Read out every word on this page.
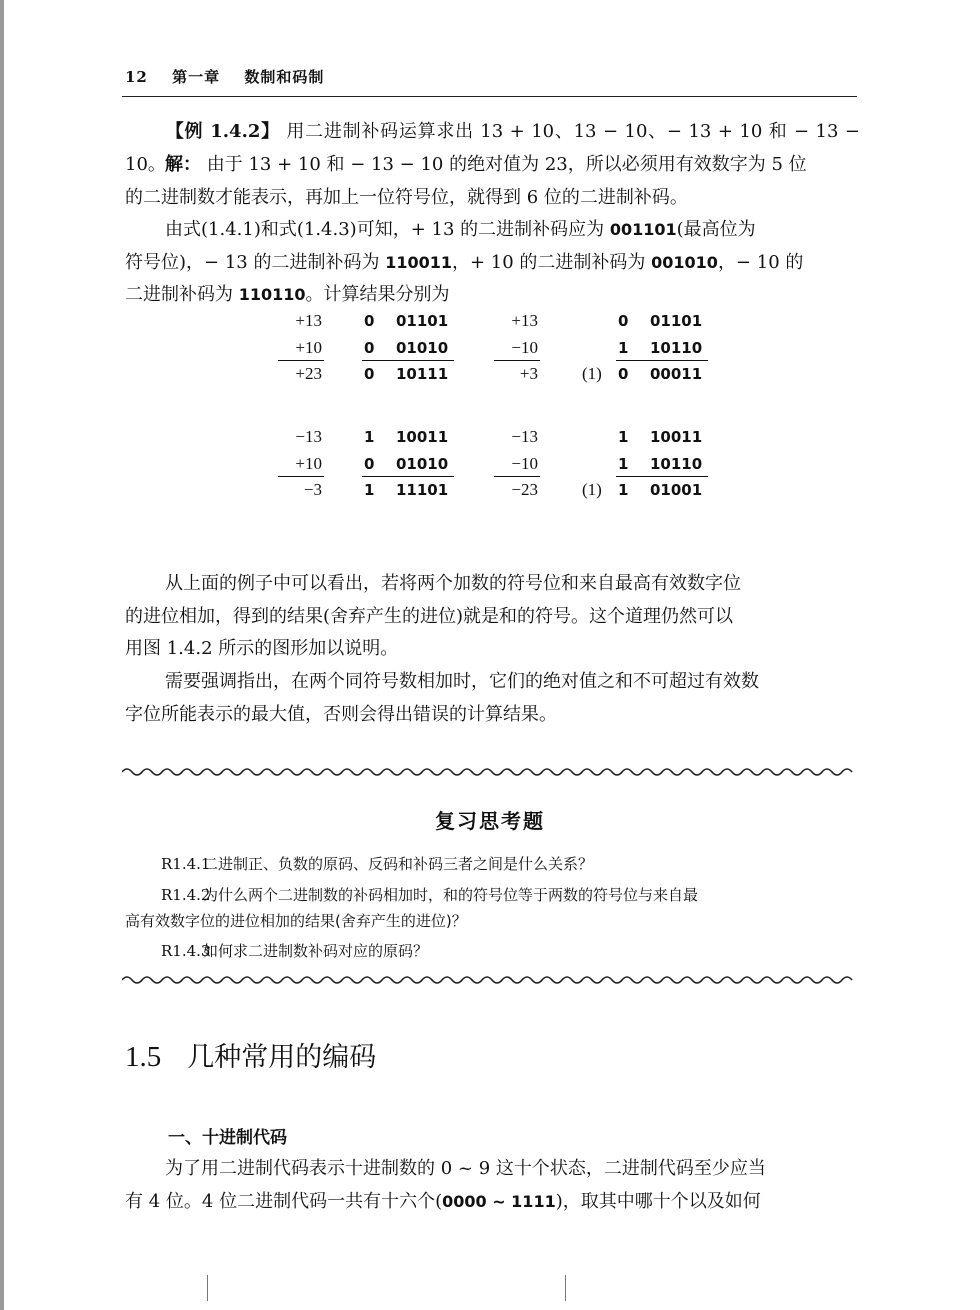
12 第一章 数制和码制
【例 1.4.2】 用二进制补码运算求出 13 + 10、13 − 10、− 13 + 10 和 − 13 − 10。 解： 由于 13 + 10 和 − 13 − 10 的绝对值为 23，所以必须用有效数字为 5 位
的二进制数才能表示，再加上一位符号位，就得到 6 位的二进制补码。
由式(1.4.1)和式(1.4.3)可知，+ 13 的二进制补码应为 001101(最高位为
符号位)，− 13 的二进制补码为 110011，+ 10 的二进制补码为 001010，− 10 的
二进制补码为 110110。计算结果分别为
+13	0 01101
+10	0 01010
+23	0 10111
+13	0 01101
−10	1 10110
+3	(1) 0 00011
−13	1 10011
+10	0 01010
−3	1 11101
−13	1 10011
−10	1 10110
−23	(1) 1 01001
从上面的例子中可以看出，若将两个加数的符号位和来自最高有效数字位
的进位相加，得到的结果(舍弃产生的进位)就是和的符号。这个道理仍然可以
用图 1.4.2 所示的图形加以说明。
需要强调指出，在两个同符号数相加时，它们的绝对值之和不可超过有效数
字位所能表示的最大值，否则会得出错误的计算结果。
复习思考题
R1.4.1二进制正、负数的原码、反码和补码三者之间是什么关系？
R1.4.2为什么两个二进制数的补码相加时，和的符号位等于两数的符号位与来自最
高有效数字位的进位相加的结果(舍弃产生的进位)？
R1.4.3如何求二进制数补码对应的原码？
1.5 几种常用的编码
一、十进制代码
为了用二进制代码表示十进制数的 0 ~ 9 这十个状态，二进制代码至少应当
有 4 位。4 位二进制代码一共有十六个(0000 ~ 1111)，取其中哪十个以及如何
